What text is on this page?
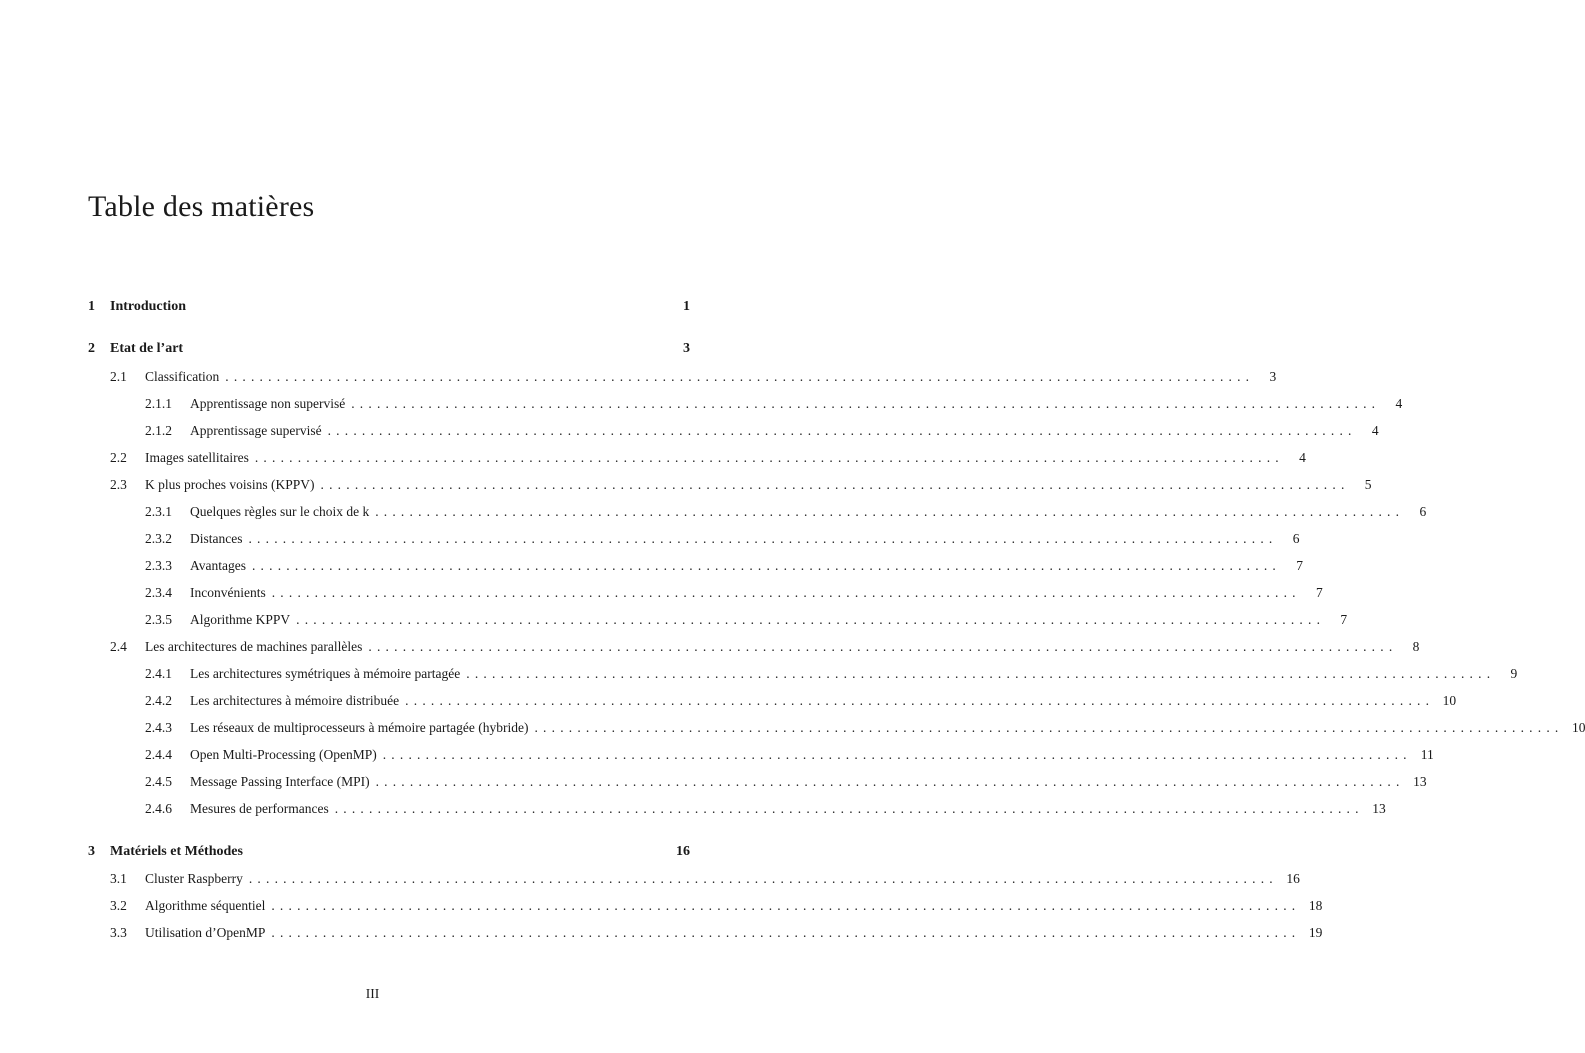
Table des matières
1	Introduction	1
2	Etat de l’art	3
2.1	Classification ........................................................................................................................	3
2.1.1	Apprentissage non supervisé ........................................................................................................................	4
2.1.2	Apprentissage supervisé ........................................................................................................................	4
2.2	Images satellitaires ........................................................................................................................	4
2.3	K plus proches voisins (KPPV) ........................................................................................................................	5
2.3.1	Quelques règles sur le choix de k ........................................................................................................................	6
2.3.2	Distances ........................................................................................................................	6
2.3.3	Avantages ........................................................................................................................	7
2.3.4	Inconvénients ........................................................................................................................	7
2.3.5	Algorithme KPPV ........................................................................................................................	7
2.4	Les architectures de machines parallèles ........................................................................................................................	8
2.4.1	Les architectures symétriques à mémoire partagée ........................................................................................................................	9
2.4.2	Les architectures à mémoire distribuée ........................................................................................................................ 10
2.4.3	Les réseaux de multiprocesseurs à mémoire partagée (hybride) ........................................................................................................................ 10
2.4.4	Open Multi-Processing (OpenMP) ........................................................................................................................ 11
2.4.5	Message Passing Interface (MPI) ........................................................................................................................ 13
2.4.6	Mesures de performances ........................................................................................................................ 13
3	Matériels et Méthodes	16
3.1	Cluster Raspberry ........................................................................................................................ 16
3.2	Algorithme séquentiel ........................................................................................................................ 18
3.3	Utilisation d’OpenMP ........................................................................................................................ 19
III
